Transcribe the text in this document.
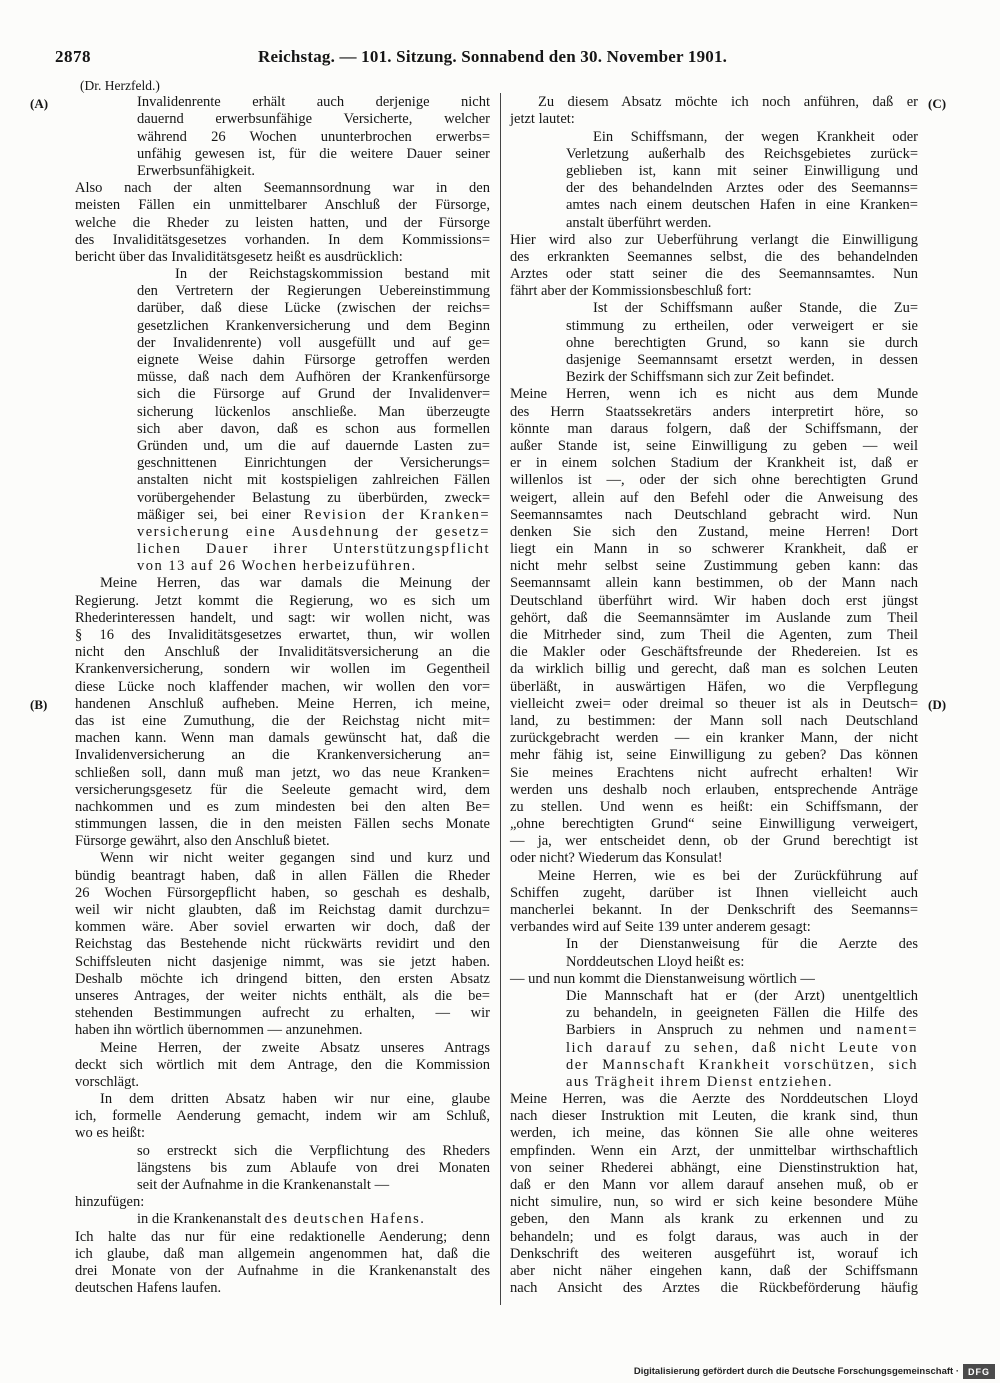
2878	Reichstag. — 101. Sitzung. Sonnabend den 30. November 1901.
(A)
(B)
(C)
(D)
(Dr. Herzfeld.)
Invalidenrente erhält auch derjenige nicht
dauernd erwerbsunfähige Versicherte, welcher
während 26 Wochen ununterbrochen erwerbs=
unfähig gewesen ist, für die weitere Dauer seiner
Erwerbsunfähigkeit.
Also nach der alten Seemannsordnung war in den
meisten Fällen ein unmittelbarer Anschluß der Fürsorge,
welche die Rheder zu leisten hatten, und der Fürsorge
des Invaliditätsgesetzes vorhanden. In dem Kommissions=
bericht über das Invaliditätsgesetz heißt es ausdrücklich:
In der Reichstagskommission bestand mit
den Vertretern der Regierungen Uebereinstimmung
darüber, daß diese Lücke (zwischen der reichs=
gesetzlichen Krankenversicherung und dem Beginn
der Invalidenrente) voll ausgefüllt und auf ge=
eignete Weise dahin Fürsorge getroffen werden
müsse, daß nach dem Aufhören der Krankenfürsorge
sich die Fürsorge auf Grund der Invalidenver=
sicherung lückenlos anschließe. Man überzeugte
sich aber davon, daß es schon aus formellen
Gründen und, um die auf dauernde Lasten zu=
geschnittenen Einrichtungen der Versicherungs=
anstalten nicht mit kostspieligen zahlreichen Fällen
vorübergehender Belastung zu überbürden, zweck=
mäßiger sei, bei einer Revision der Kranken=
versicherung eine Ausdehnung der gesetz=
lichen Dauer ihrer Unterstützungspflicht
von 13 auf 26 Wochen herbeizuführen.
Meine Herren, das war damals die Meinung der
Regierung. Jetzt kommt die Regierung, wo es sich um
Rhederinteressen handelt, und sagt: wir wollen nicht, was
§ 16 des Invaliditätsgesetzes erwartet, thun, wir wollen
nicht den Anschluß der Invaliditätsversicherung an die
Krankenversicherung, sondern wir wollen im Gegentheil
diese Lücke noch klaffender machen, wir wollen den vor=
handenen Anschluß aufheben. Meine Herren, ich meine,
das ist eine Zumuthung, die der Reichstag nicht mit=
machen kann. Wenn man damals gewünscht hat, daß die
Invalidenversicherung an die Krankenversicherung an=
schließen soll, dann muß man jetzt, wo das neue Kranken=
versicherungsgesetz für die Seeleute gemacht wird, dem
nachkommen und es zum mindesten bei den alten Be=
stimmungen lassen, die in den meisten Fällen sechs Monate
Fürsorge gewährt, also den Anschluß bietet.
Wenn wir nicht weiter gegangen sind und kurz und
bündig beantragt haben, daß in allen Fällen die Rheder
26 Wochen Fürsorgepflicht haben, so geschah es deshalb,
weil wir nicht glaubten, daß im Reichstag damit durchzu=
kommen wäre. Aber soviel erwarten wir doch, daß der
Reichstag das Bestehende nicht rückwärts revidirt und den
Schiffsleuten nicht dasjenige nimmt, was sie jetzt haben.
Deshalb möchte ich dringend bitten, den ersten Absatz
unseres Antrages, der weiter nichts enthält, als die be=
stehenden Bestimmungen aufrecht zu erhalten, — wir
haben ihn wörtlich übernommen — anzunehmen.
Meine Herren, der zweite Absatz unseres Antrags
deckt sich wörtlich mit dem Antrage, den die Kommission
vorschlägt.
In dem dritten Absatz haben wir nur eine, glaube
ich, formelle Aenderung gemacht, indem wir am Schluß,
wo es heißt:
so erstreckt sich die Verpflichtung des Rheders
längstens bis zum Ablaufe von drei Monaten
seit der Aufnahme in die Krankenanstalt —
hinzufügen:
in die Krankenanstalt des deutschen Hafens.
Ich halte das nur für eine redaktionelle Aenderung; denn
ich glaube, daß man allgemein angenommen hat, daß die
drei Monate von der Aufnahme in die Krankenanstalt des
deutschen Hafens laufen.
Zu diesem Absatz möchte ich noch anführen, daß er
jetzt lautet:
Ein Schiffsmann, der wegen Krankheit oder
Verletzung außerhalb des Reichsgebietes zurück=
geblieben ist, kann mit seiner Einwilligung und
der des behandelnden Arztes oder des Seemanns=
amtes nach einem deutschen Hafen in eine Kranken=
anstalt überführt werden.
Hier wird also zur Ueberführung verlangt die Einwilligung
des erkrankten Seemannes selbst, die des behandelnden
Arztes oder statt seiner die des Seemannsamtes. Nun
fährt aber der Kommissionsbeschluß fort:
Ist der Schiffsmann außer Stande, die Zu=
stimmung zu ertheilen, oder verweigert er sie
ohne berechtigten Grund, so kann sie durch
dasjenige Seemannsamt ersetzt werden, in dessen
Bezirk der Schiffsmann sich zur Zeit befindet.
Meine Herren, wenn ich es nicht aus dem Munde
des Herrn Staatssekretärs anders interpretirt höre, so
könnte man daraus folgern, daß der Schiffsmann, der
außer Stande ist, seine Einwilligung zu geben — weil
er in einem solchen Stadium der Krankheit ist, daß er
willenlos ist —, oder der sich ohne berechtigten Grund
weigert, allein auf den Befehl oder die Anweisung des
Seemannsamtes nach Deutschland gebracht wird. Nun
denken Sie sich den Zustand, meine Herren! Dort
liegt ein Mann in so schwerer Krankheit, daß er
nicht mehr selbst seine Zustimmung geben kann: das
Seemannsamt allein kann bestimmen, ob der Mann nach
Deutschland überführt wird. Wir haben doch erst jüngst
gehört, daß die Seemannsämter im Auslande zum Theil
die Mitrheder sind, zum Theil die Agenten, zum Theil
die Makler oder Geschäftsfreunde der Rhedereien. Ist es
da wirklich billig und gerecht, daß man es solchen Leuten
überläßt, in auswärtigen Häfen, wo die Verpflegung
vielleicht zwei= oder dreimal so theuer ist als in Deutsch=
land, zu bestimmen: der Mann soll nach Deutschland
zurückgebracht werden — ein kranker Mann, der nicht
mehr fähig ist, seine Einwilligung zu geben? Das können
Sie meines Erachtens nicht aufrecht erhalten! Wir
werden uns deshalb noch erlauben, entsprechende Anträge
zu stellen. Und wenn es heißt: ein Schiffsmann, der
„ohne berechtigten Grund“ seine Einwilligung verweigert,
— ja, wer entscheidet denn, ob der Grund berechtigt ist
oder nicht? Wiederum das Konsulat!
Meine Herren, wie es bei der Zurückführung auf
Schiffen zugeht, darüber ist Ihnen vielleicht auch
mancherlei bekannt. In der Denkschrift des Seemanns=
verbandes wird auf Seite 139 unter anderem gesagt:
In der Dienstanweisung für die Aerzte des
Norddeutschen Lloyd heißt es:
— und nun kommt die Dienstanweisung wörtlich —
Die Mannschaft hat er (der Arzt) unentgeltlich
zu behandeln, in geeigneten Fällen die Hilfe des
Barbiers in Anspruch zu nehmen und nament=
lich darauf zu sehen, daß nicht Leute von
der Mannschaft Krankheit vorschützen, sich
aus Trägheit ihrem Dienst entziehen.
Meine Herren, was die Aerzte des Norddeutschen Lloyd
nach dieser Instruktion mit Leuten, die krank sind, thun
werden, ich meine, das können Sie alle ohne weiteres
empfinden. Wenn ein Arzt, der unmittelbar wirthschaftlich
von seiner Rhederei abhängt, eine Dienstinstruktion hat,
daß er den Mann vor allem darauf ansehen muß, ob er
nicht simulire, nun, so wird er sich keine besondere Mühe
geben, den Mann als krank zu erkennen und zu
behandeln; und es folgt daraus, was auch in der
Denkschrift des weiteren ausgeführt ist, worauf ich
aber nicht näher eingehen kann, daß der Schiffsmann
nach Ansicht des Arztes die Rückbeförderung häufig
Digitalisierung gefördert durch die Deutsche Forschungsgemeinschaft ·	DFG
